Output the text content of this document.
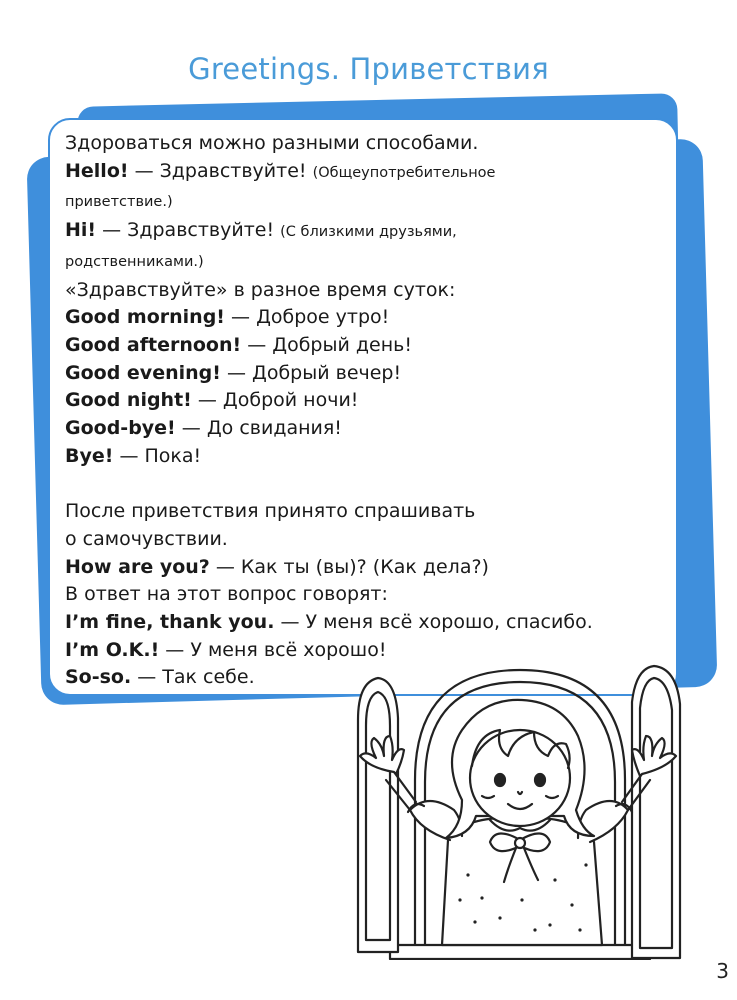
Greetings. Приветствия
Здороваться можно разными способами.
Hello! — Здравствуйте! (Общеупотребительное
приветствие.)
Hi! — Здравствуйте! (С близкими друзьями,
родственниками.)
«Здравствуйте» в разное время суток:
Good morning! — Доброе утро!
Good afternoon! — Добрый день!
Good evening! — Добрый вечер!
Good night! — Доброй ночи!
Good-bye! — До свидания!
Bye! — Пока!
После приветствия принято спрашивать
о самочувствии.
How are you? — Как ты (вы)? (Как дела?)
В ответ на этот вопрос говорят:
I’m fine, thank you. — У меня всё хорошо, спасибо.
I’m O.K.! — У меня всё хорошо!
So-so. — Так себе.
3
